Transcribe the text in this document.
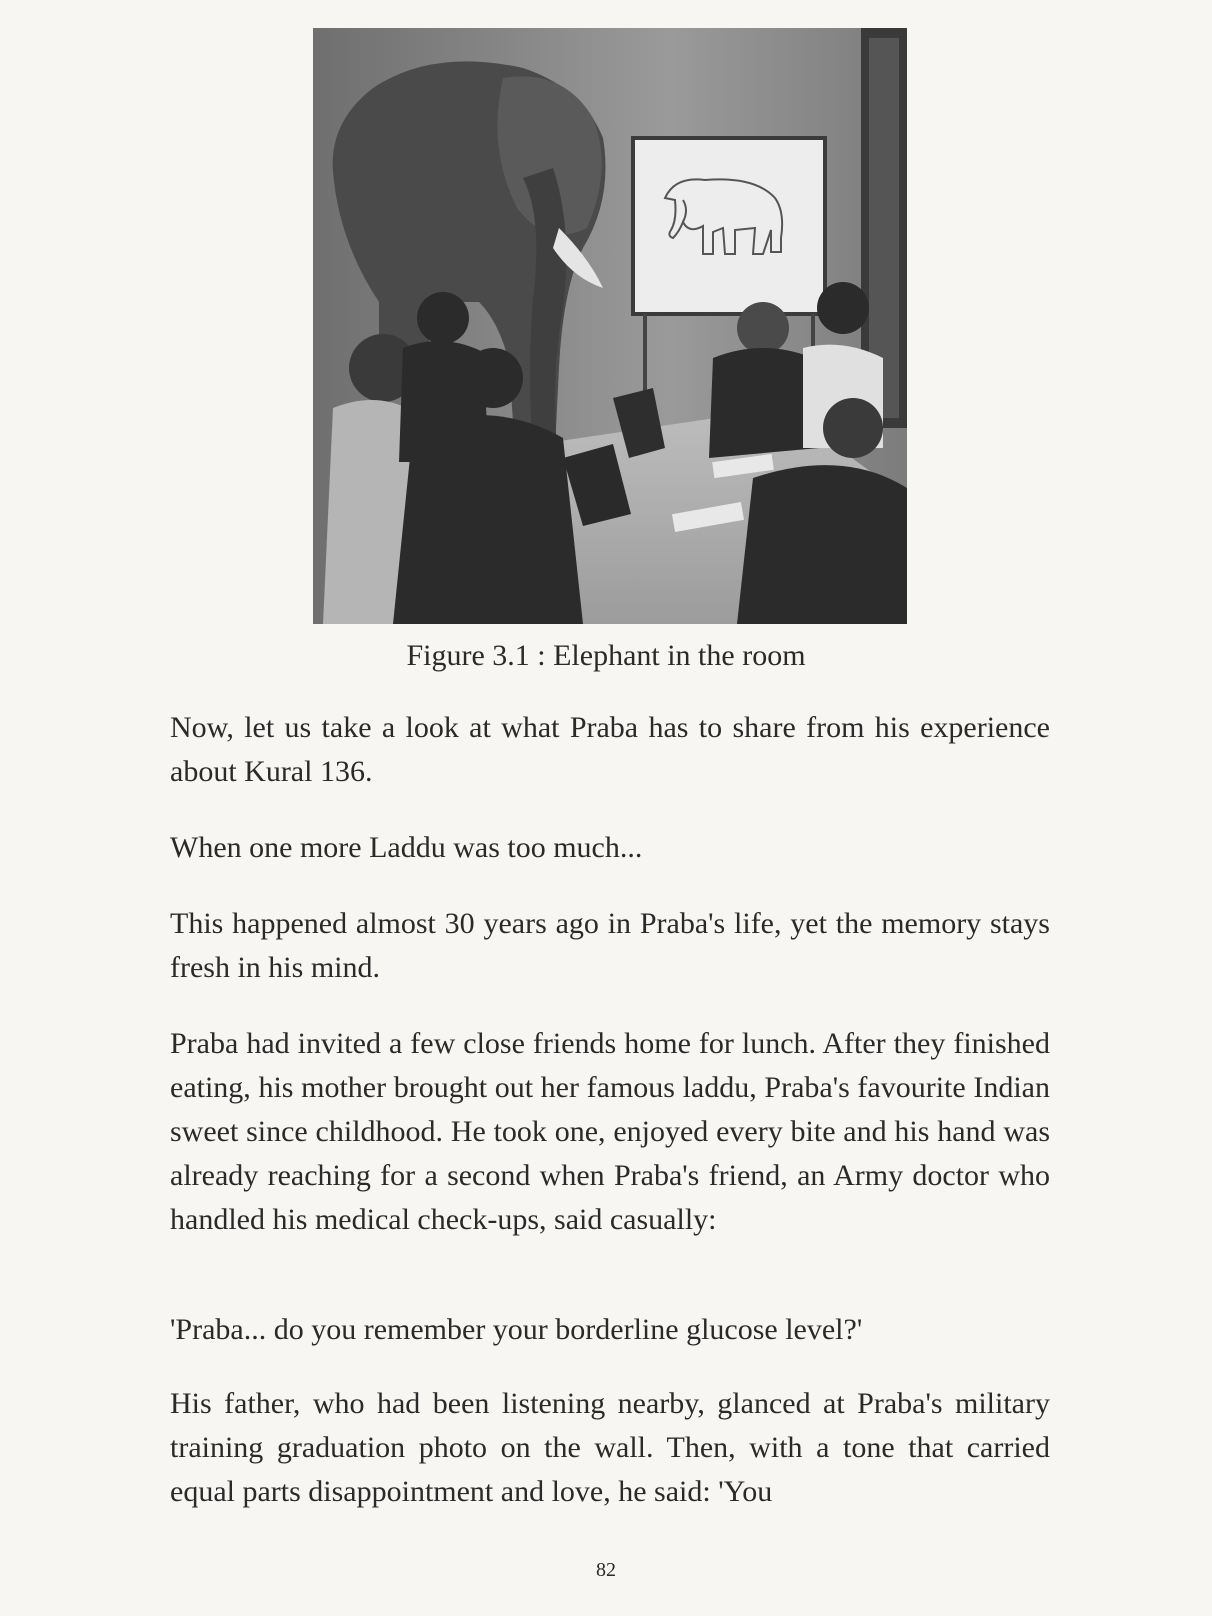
Figure 3.1 : Elephant in the room

Now, let us take a look at what Praba has to share from his experience about Kural 136.

When one more Laddu was too much...

This happened almost 30 years ago in Praba's life, yet the memory stays fresh in his mind.

Praba had invited a few close friends home for lunch. After they finished eating, his mother brought out her famous laddu, Praba's favourite Indian sweet since childhood. He took one, enjoyed every bite and his hand was already reaching for a second when Praba's friend, an Army doctor who handled his medical check-ups, said casually:

'Praba... do you remember your borderline glucose level?'

His father, who had been listening nearby, glanced at Praba's military training graduation photo on the wall. Then, with a tone that carried equal parts disappointment and love, he said: 'You

82
